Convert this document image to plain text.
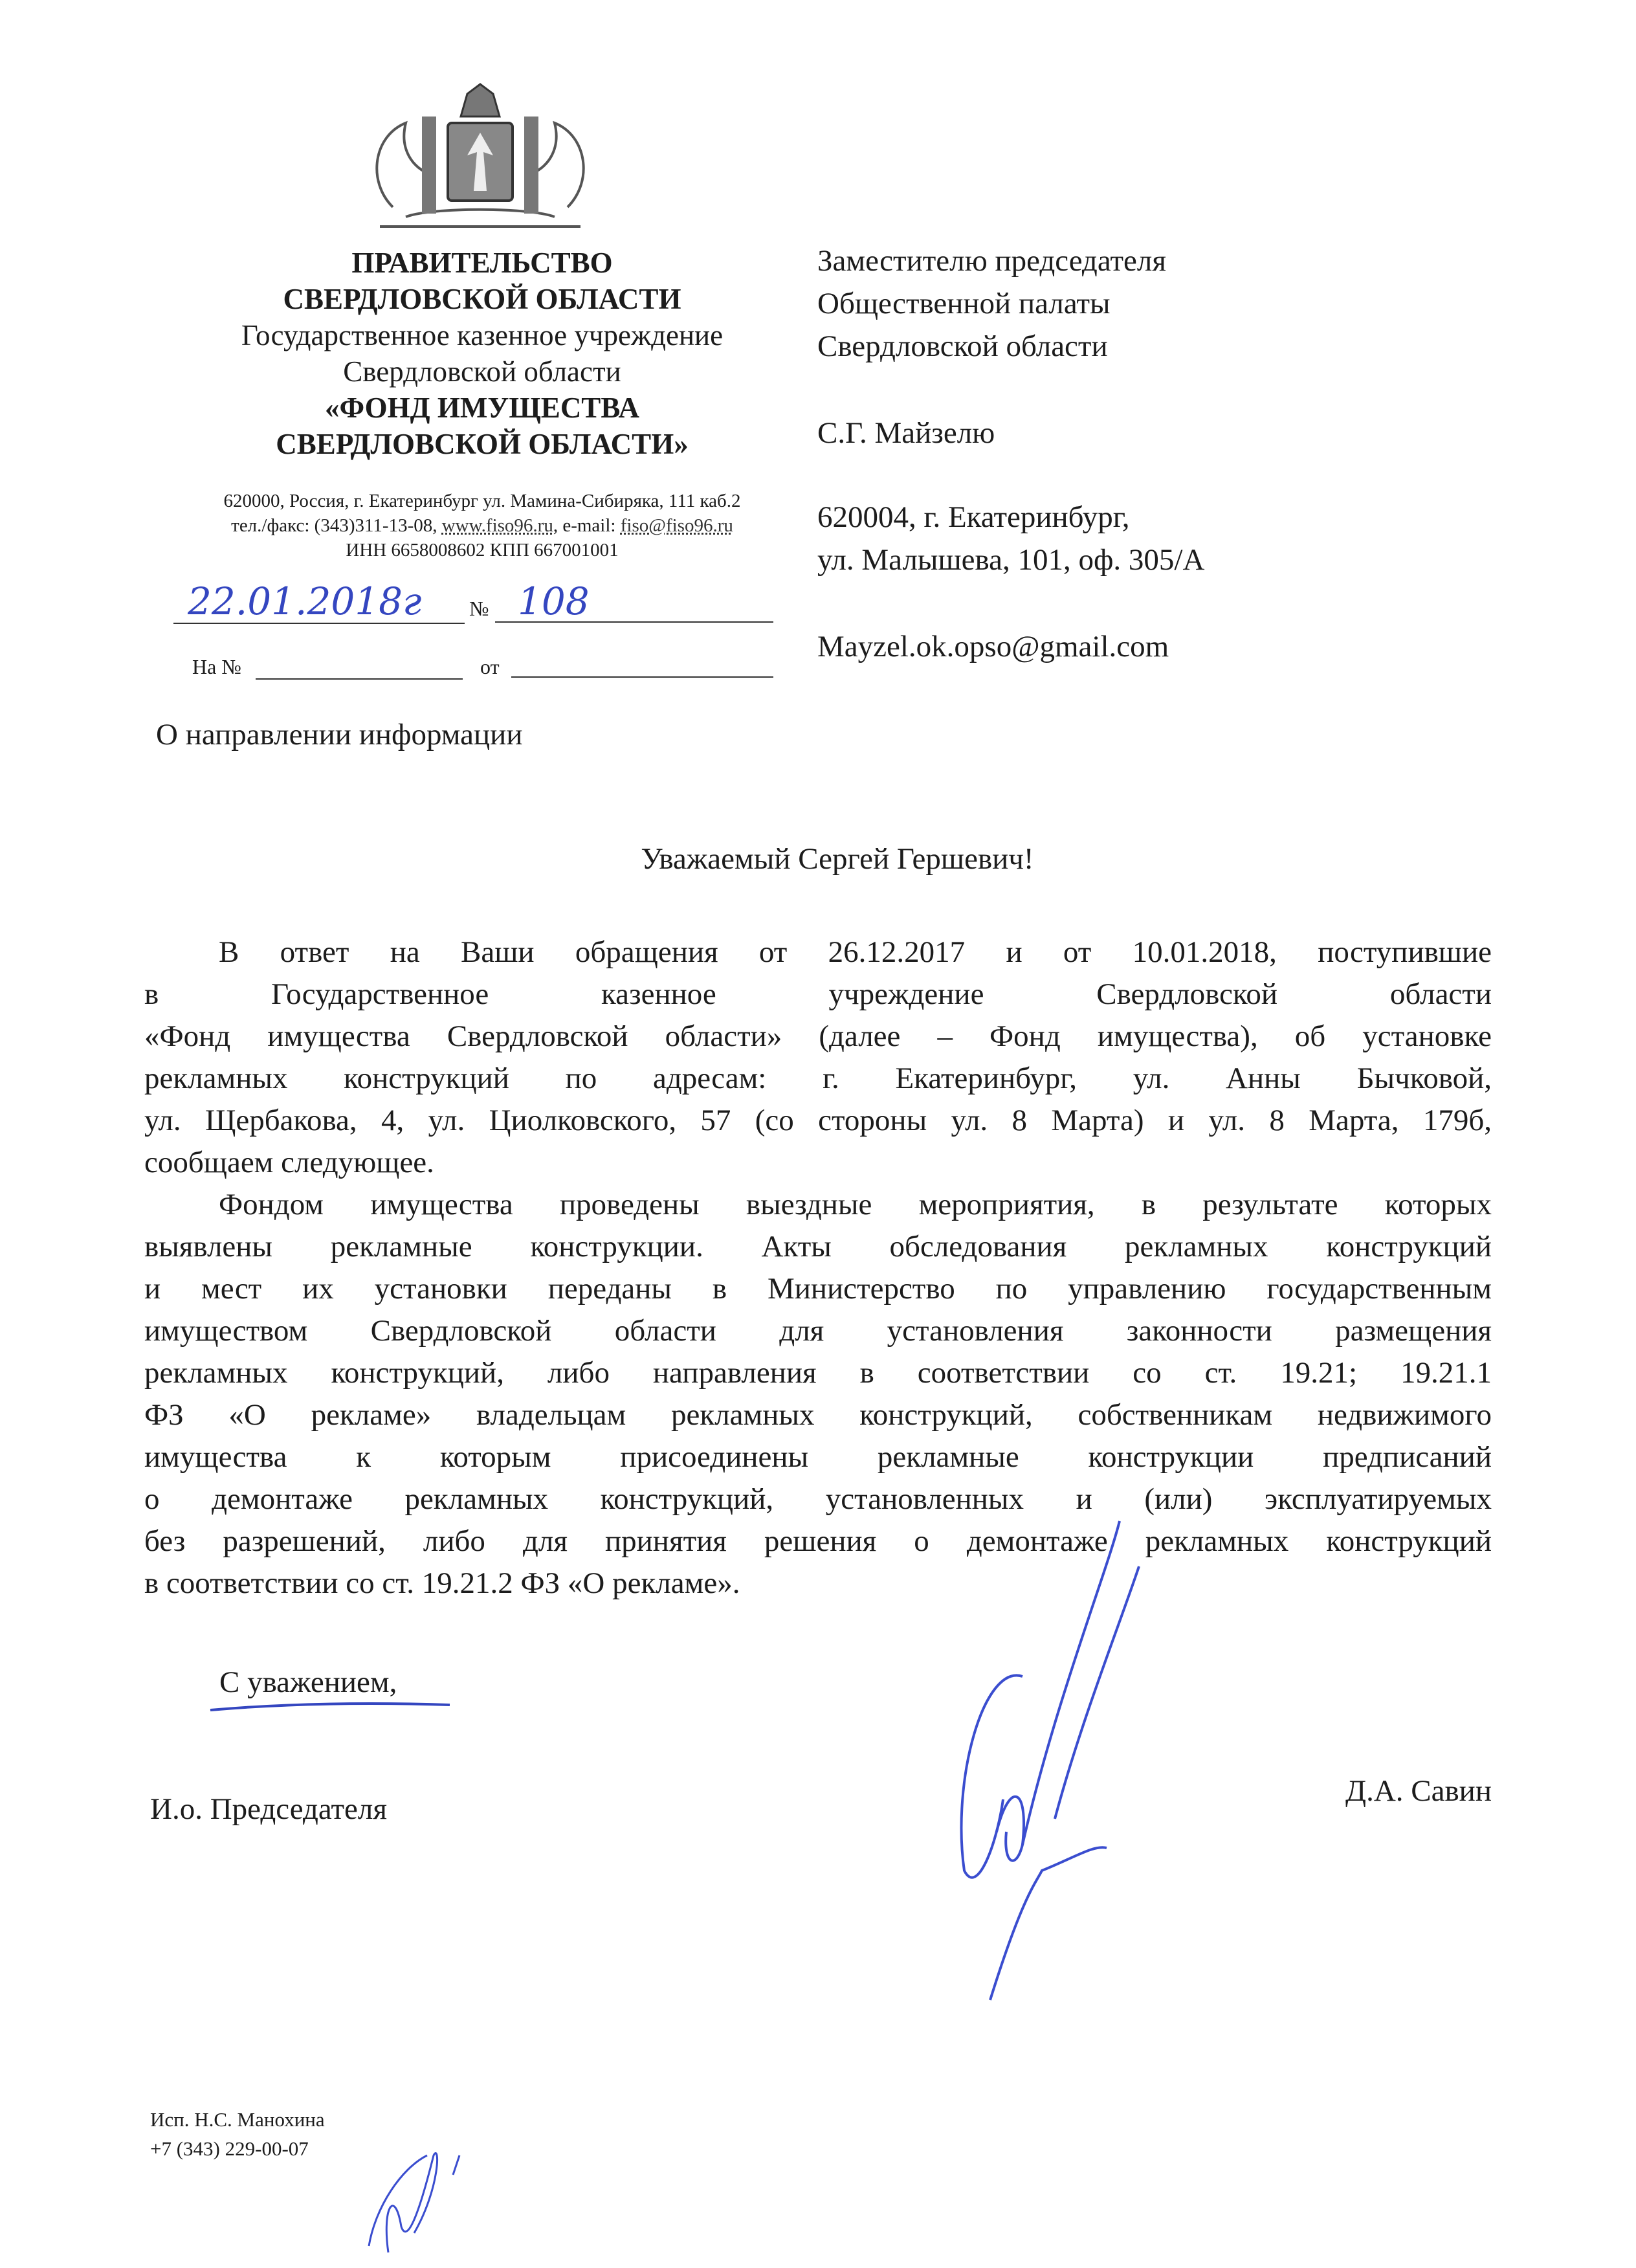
ПРАВИТЕЛЬСТВО
СВЕРДЛОВСКОЙ ОБЛАСТИ
Государственное казенное учреждение
Свердловской области
«ФОНД ИМУЩЕСТВА
СВЕРДЛОВСКОЙ ОБЛАСТИ»
620000, Россия, г. Екатеринбург ул. Мамина-Сибиряка, 111 каб.2
тел./факс: (343)311-13-08, www.fiso96.ru, e-mail: fiso@fiso96.ru
ИНН 6658008602 КПП 667001001
22.01.2018г № 108
На №	от
Заместителю председателя
Общественной палаты
Свердловской области
С.Г. Майзелю
620004, г. Екатеринбург,
ул. Малышева, 101, оф. 305/А
Mayzel.ok.opso@gmail.com
О направлении информации
Уважаемый Сергей Гершевич!
В ответ на Ваши обращения от 26.12.2017 и от 10.01.2018, поступившие
в Государственное казенное учреждение Свердловской области
«Фонд имущества Свердловской области» (далее – Фонд имущества), об установке
рекламных конструкций по адресам: г. Екатеринбург, ул. Анны Бычковой,
ул. Щербакова, 4, ул. Циолковского, 57 (со стороны ул. 8 Марта) и ул. 8 Марта, 179б,
сообщаем следующее.
Фондом имущества проведены выездные мероприятия, в результате которых
выявлены рекламные конструкции. Акты обследования рекламных конструкций
и мест их установки переданы в Министерство по управлению государственным
имуществом Свердловской области для установления законности размещения
рекламных конструкций, либо направления в соответствии со ст. 19.21; 19.21.1
ФЗ «О рекламе» владельцам рекламных конструкций, собственникам недвижимого
имущества к которым присоединены рекламные конструкции предписаний
о демонтаже рекламных конструкций, установленных и (или) эксплуатируемых
без разрешений, либо для принятия решения о демонтаже рекламных конструкций
в соответствии со ст. 19.21.2 ФЗ «О рекламе».
С уважением,
И.о. Председателя
Д.А. Савин
Исп. Н.С. Манохина
+7 (343) 229-00-07
